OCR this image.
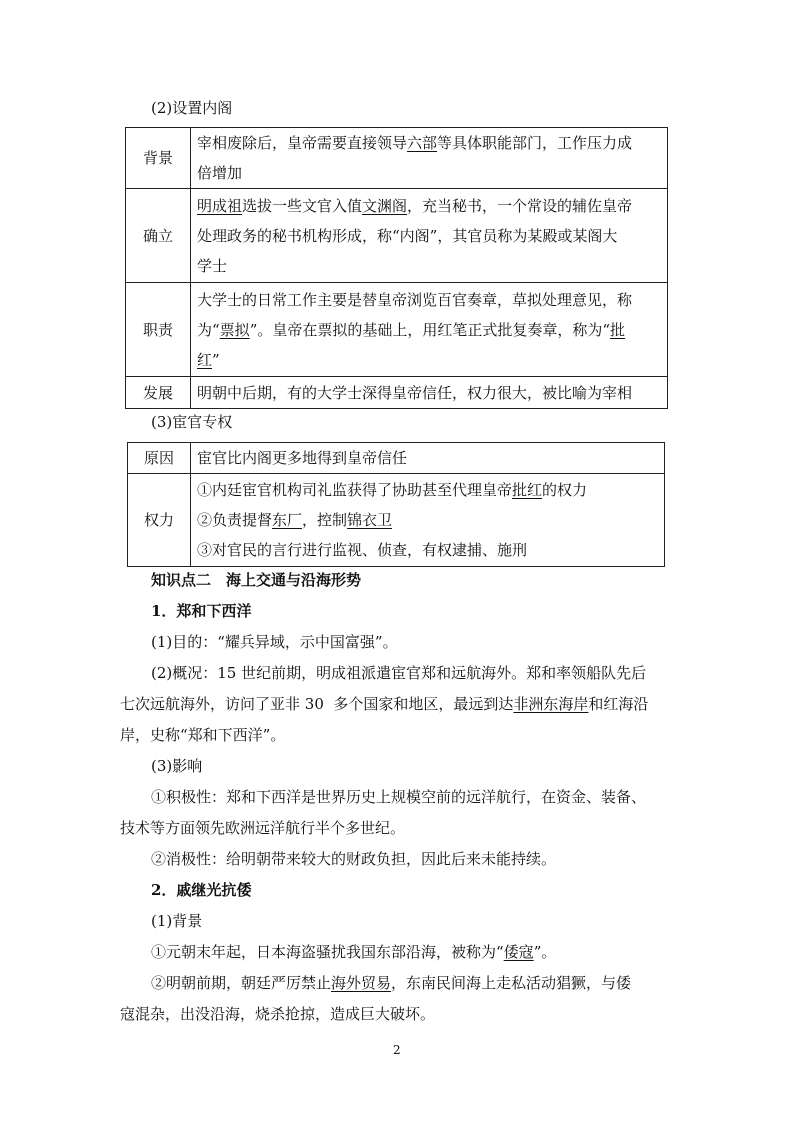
(2)设置内阁
背景	宰相废除后，皇帝需要直接领导六部等具体职能部门，工作压力成
倍增加

确立	明成祖选拔一些文官入值文渊阁，充当秘书，一个常设的辅佐皇帝
处理政务的秘书机构形成，称“内阁”，其官员称为某殿或某阁大
学士

职责	大学士的日常工作主要是替皇帝浏览百官奏章，草拟处理意见，称
为“票拟”。皇帝在票拟的基础上，用红笔正式批复奏章，称为“批
红”

发展	明朝中后期，有的大学士深得皇帝信任，权力很大，被比喻为宰相
(3)宦官专权
原因	宦官比内阁更多地得到皇帝信任
权力	①内廷宦官机构司礼监获得了协助甚至代理皇帝批红的权力
②负责提督东厂，控制锦衣卫
③对官民的言行进行监视、侦查，有权逮捕、施刑
知识点二　海上交通与沿海形势
1．郑和下西洋
(1)目的：“耀兵异域，示中国富强”。
(2)概况：15 世纪前期，明成祖派遣宦官郑和远航海外。郑和率领船队先后
七次远航海外，访问了亚非 30  多个国家和地区，最远到达非洲东海岸和红海沿
岸，史称“郑和下西洋”。
(3)影响
①积极性：郑和下西洋是世界历史上规模空前的远洋航行，在资金、装备、
技术等方面领先欧洲远洋航行半个多世纪。
②消极性：给明朝带来较大的财政负担，因此后来未能持续。
2．戚继光抗倭
(1)背景
①元朝末年起，日本海盗骚扰我国东部沿海，被称为“倭寇”。
②明朝前期，朝廷严厉禁止海外贸易，东南民间海上走私活动猖獗，与倭
寇混杂，出没沿海，烧杀抢掠，造成巨大破坏。
2
